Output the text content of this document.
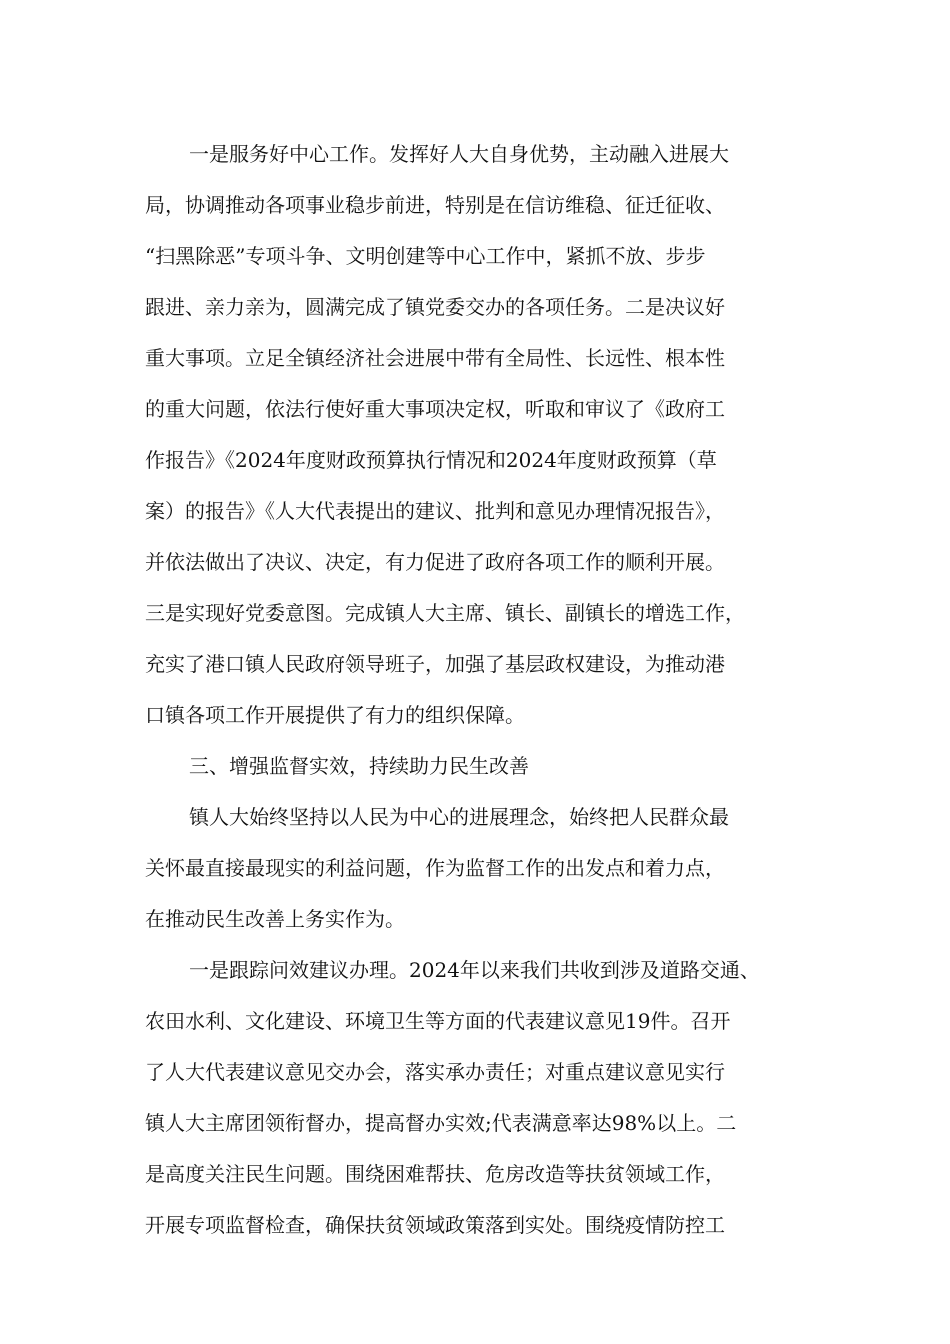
一是服务好中心工作。发挥好人大自身优势，主动融入进展大
局，协调推动各项事业稳步前进，特别是在信访维稳、征迁征收、
“扫黑除恶”专项斗争、文明创建等中心工作中，紧抓不放、步步
跟进、亲力亲为，圆满完成了镇党委交办的各项任务。二是决议好
重大事项。立足全镇经济社会进展中带有全局性、长远性、根本性
的重大问题，依法行使好重大事项决定权，听取和审议了《政府工
作报告》《2024年度财政预算执行情况和2024年度财政预算（草
案）的报告》《人大代表提出的建议、批判和意见办理情况报告》，
并依法做出了决议、决定，有力促进了政府各项工作的顺利开展。
三是实现好党委意图。完成镇人大主席、镇长、副镇长的增选工作，
充实了港口镇人民政府领导班子，加强了基层政权建设，为推动港
口镇各项工作开展提供了有力的组织保障。
三、增强监督实效，持续助力民生改善
镇人大始终坚持以人民为中心的进展理念，始终把人民群众最
关怀最直接最现实的利益问题，作为监督工作的出发点和着力点，
在推动民生改善上务实作为。
一是跟踪问效建议办理。2024年以来我们共收到涉及道路交通、
农田水利、文化建设、环境卫生等方面的代表建议意见19件。召开
了人大代表建议意见交办会，落实承办责任；对重点建议意见实行
镇人大主席团领衔督办，提高督办实效;代表满意率达98%以上。二
是高度关注民生问题。围绕困难帮扶、危房改造等扶贫领域工作，
开展专项监督检查，确保扶贫领域政策落到实处。围绕疫情防控工
